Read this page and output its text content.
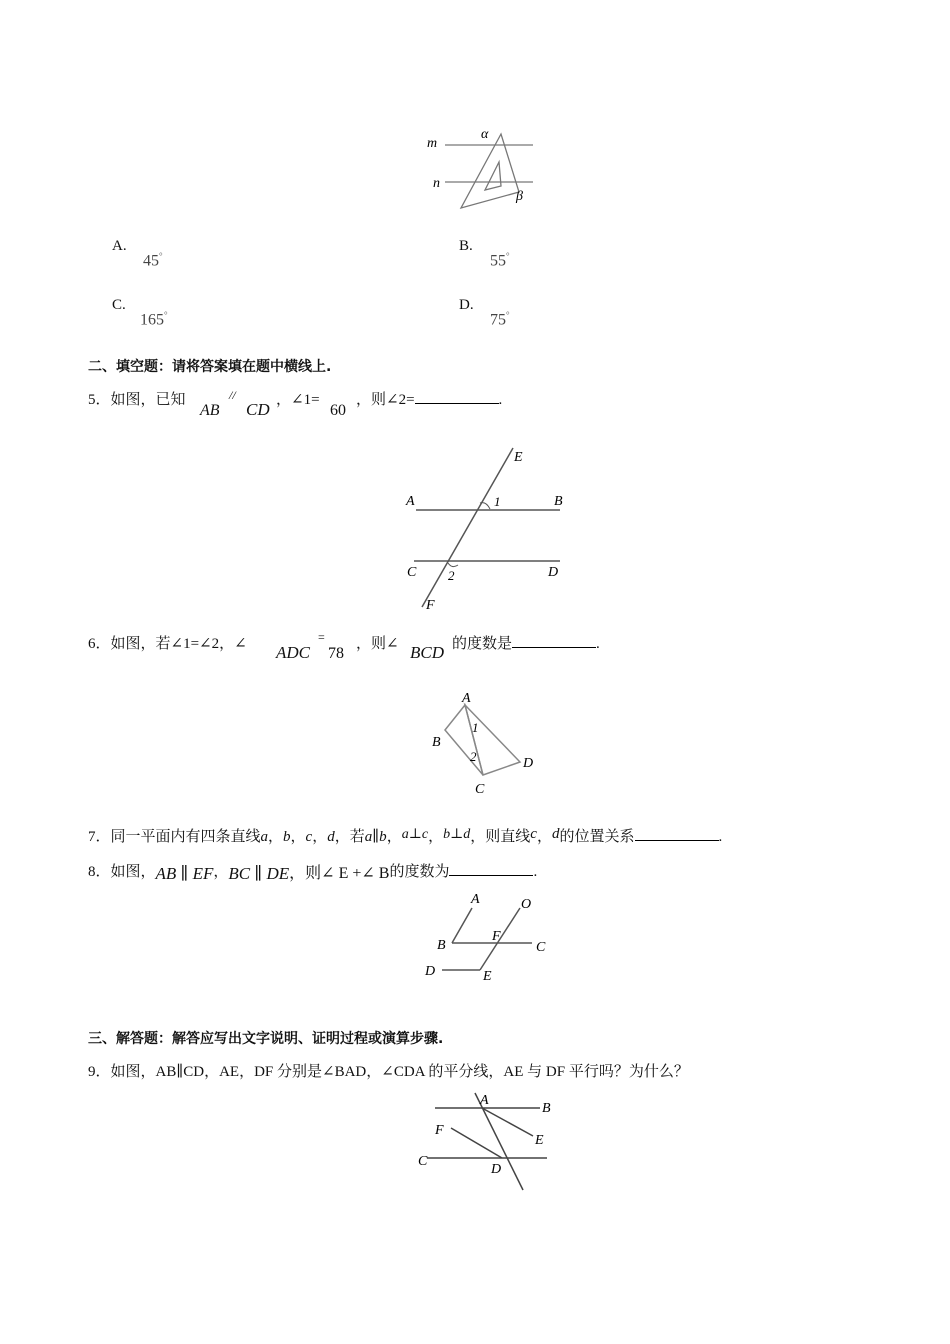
m
n
α
β
A.
45°
B.
55°
C.
165°
D.
75°
二、填空题：请将答案填在题中横线上.
5．如图，已知
AB
//
CD ，∠1=
60
，则∠2=	.
E
A	1	B
C 2	D
F
6．如图，若∠1=∠2，∠ ADC
=
78
，则∠ BCD 的度数是	.
A
1
B
2	D
C
7．同一平面内有四条直线a，b，c，d，若a∥b，a⊥c，b⊥d，则直线c，d的位置关系	.
8．如图，AB ∥ EF，BC ∥ DE，则∠ E +∠ B的度数为	.
A	O
B
F
C
D	E
三、解答题：解答应写出文字说明、证明过程或演算步骤.
9．如图，AB∥CD，AE，DF 分别是∠BAD，∠CDA 的平分线，AE 与 DF 平行吗？为什么？
A
B
F
E
C
D
